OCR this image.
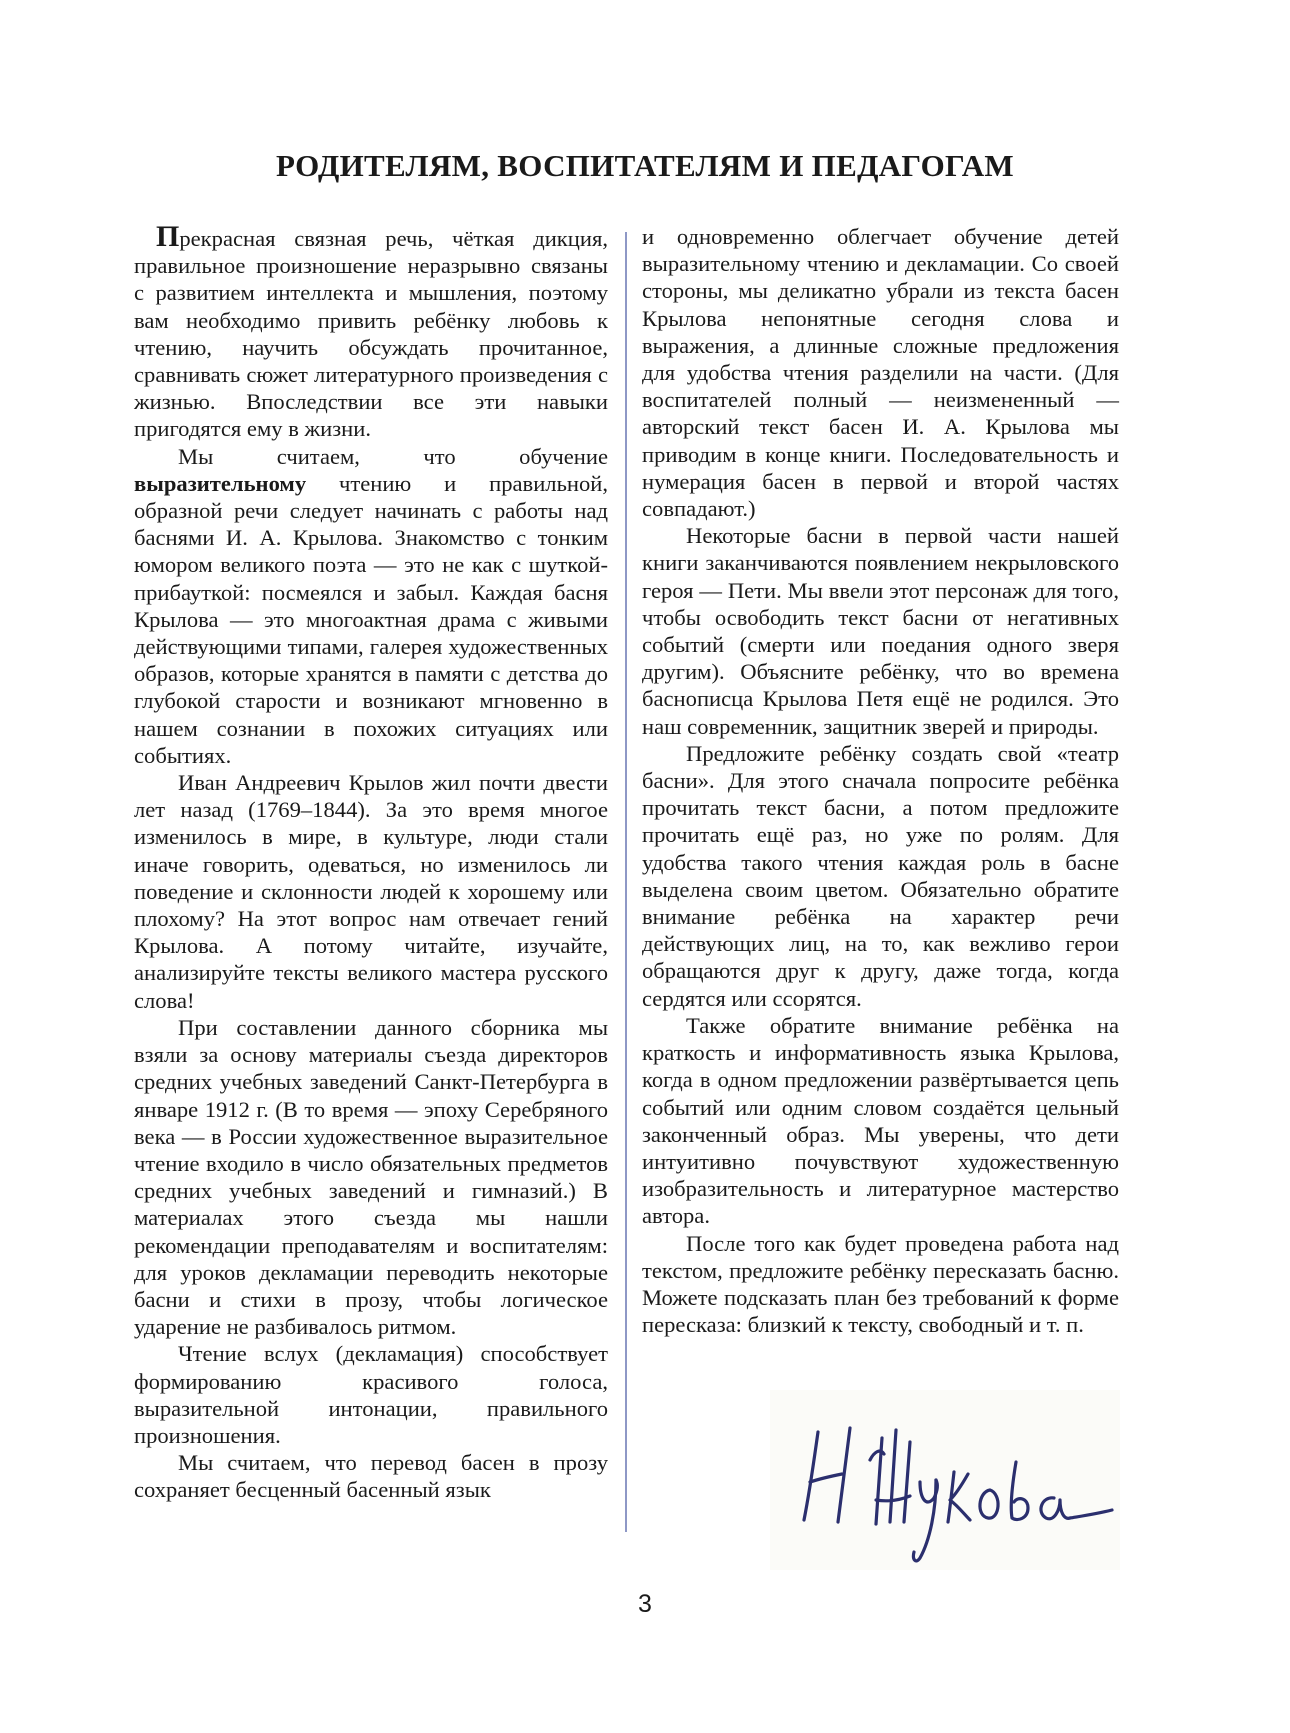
РОДИТЕЛЯМ, ВОСПИТАТЕЛЯМ И ПЕДАГОГАМ

Прекрасная связная речь, чёткая дикция, правильное произношение неразрывно связаны с развитием интеллекта и мышления, поэтому вам необходимо привить ребёнку любовь к чтению, научить обсуждать прочитанное, сравнивать сюжет литературного произведения с жизнью. Впоследствии все эти навыки пригодятся ему в жизни.

Мы считаем, что обучение выразительному чтению и правильной, образной речи следует начинать с работы над баснями И. А. Крылова. Знакомство с тонким юмором великого поэта — это не как с шуткой-прибауткой: посмеялся и забыл. Каждая басня Крылова — это многоактная драма с живыми действующими типами, галерея художественных образов, которые хранятся в памяти с детства до глубокой старости и возникают мгновенно в нашем сознании в похожих ситуациях или событиях.

Иван Андреевич Крылов жил почти двести лет назад (1769–1844). За это время многое изменилось в мире, в культуре, люди стали иначе говорить, одеваться, но изменилось ли поведение и склонности людей к хорошему или плохому? На этот вопрос нам отвечает гений Крылова. А потому читайте, изучайте, анализируйте тексты великого мастера русского слова!

При составлении данного сборника мы взяли за основу материалы съезда директоров средних учебных заведений Санкт-Петербурга в январе 1912 г. (В то время — эпоху Серебряного века — в России художественное выразительное чтение входило в число обязательных предметов средних учебных заведений и гимназий.) В материалах этого съезда мы нашли рекомендации преподавателям и воспитателям: для уроков декламации переводить некоторые басни и стихи в прозу, чтобы логическое ударение не разбивалось ритмом.

Чтение вслух (декламация) способствует формированию красивого голоса, выразительной интонации, правильного произношения.

Мы считаем, что перевод басен в прозу сохраняет бесценный басенный язык

и одновременно облегчает обучение детей выразительному чтению и декламации. Со своей стороны, мы деликатно убрали из текста басен Крылова непонятные сегодня слова и выражения, а длинные сложные предложения для удобства чтения разделили на части. (Для воспитателей полный — неизмененный — авторский текст басен И. А. Крылова мы приводим в конце книги. Последовательность и нумерация басен в первой и второй частях совпадают.)

Некоторые басни в первой части нашей книги заканчиваются появлением некрыловского героя — Пети. Мы ввели этот персонаж для того, чтобы освободить текст басни от негативных событий (смерти или поедания одного зверя другим). Объясните ребёнку, что во времена баснописца Крылова Петя ещё не родился. Это наш современник, защитник зверей и природы.

Предложите ребёнку создать свой «театр басни». Для этого сначала попросите ребёнка прочитать текст басни, а потом предложите прочитать ещё раз, но уже по ролям. Для удобства такого чтения каждая роль в басне выделена своим цветом. Обязательно обратите внимание ребёнка на характер речи действующих лиц, на то, как вежливо герои обращаются друг к другу, даже тогда, когда сердятся или ссорятся.

Также обратите внимание ребёнка на краткость и информативность языка Крылова, когда в одном предложении развёртывается цепь событий или одним словом создаётся цельный законченный образ. Мы уверены, что дети интуитивно почувствуют художественную изобразительность и литературное мастерство автора.

После того как будет проведена работа над текстом, предложите ребёнку пересказать басню. Можете подсказать план без требований к форме пересказа: близкий к тексту, свободный и т. п.

3
